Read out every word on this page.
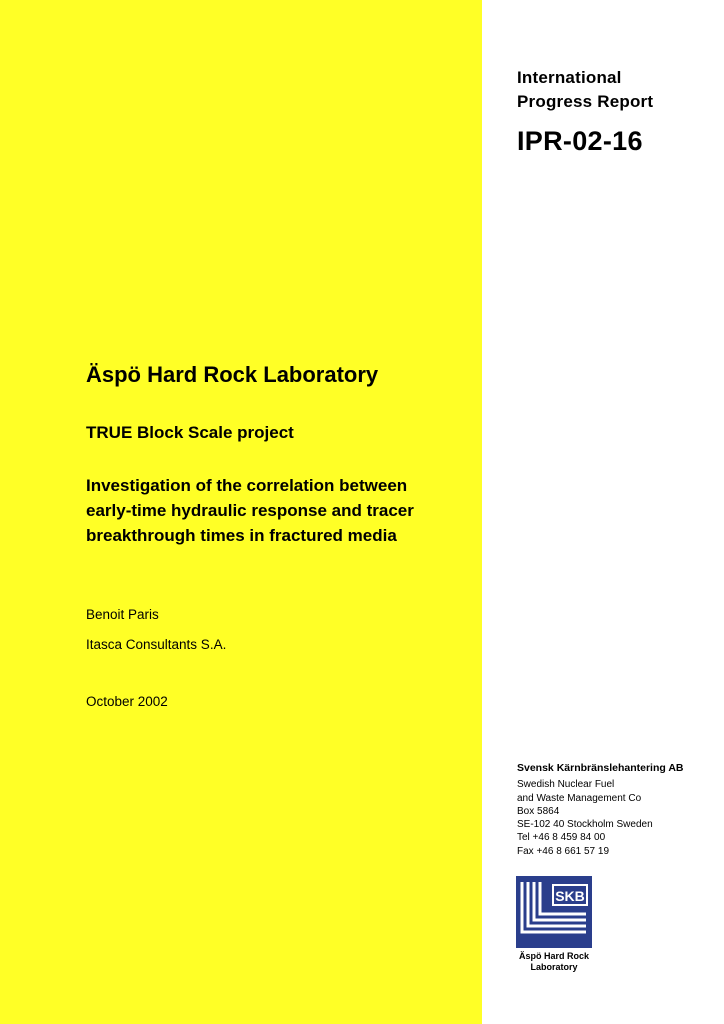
International
Progress Report
IPR-02-16
Äspö Hard Rock Laboratory
TRUE Block Scale project
Investigation of the correlation between
early-time hydraulic response and tracer
breakthrough times in fractured media
Benoit Paris
Itasca Consultants S.A.
October 2002
Svensk Kärnbränslehantering AB
Swedish Nuclear Fuel
and Waste Management Co
Box 5864
SE-102 40 Stockholm Sweden
Tel +46 8 459 84 00
Fax +46 8 661 57 19
SKB
Äspö Hard Rock
Laboratory
